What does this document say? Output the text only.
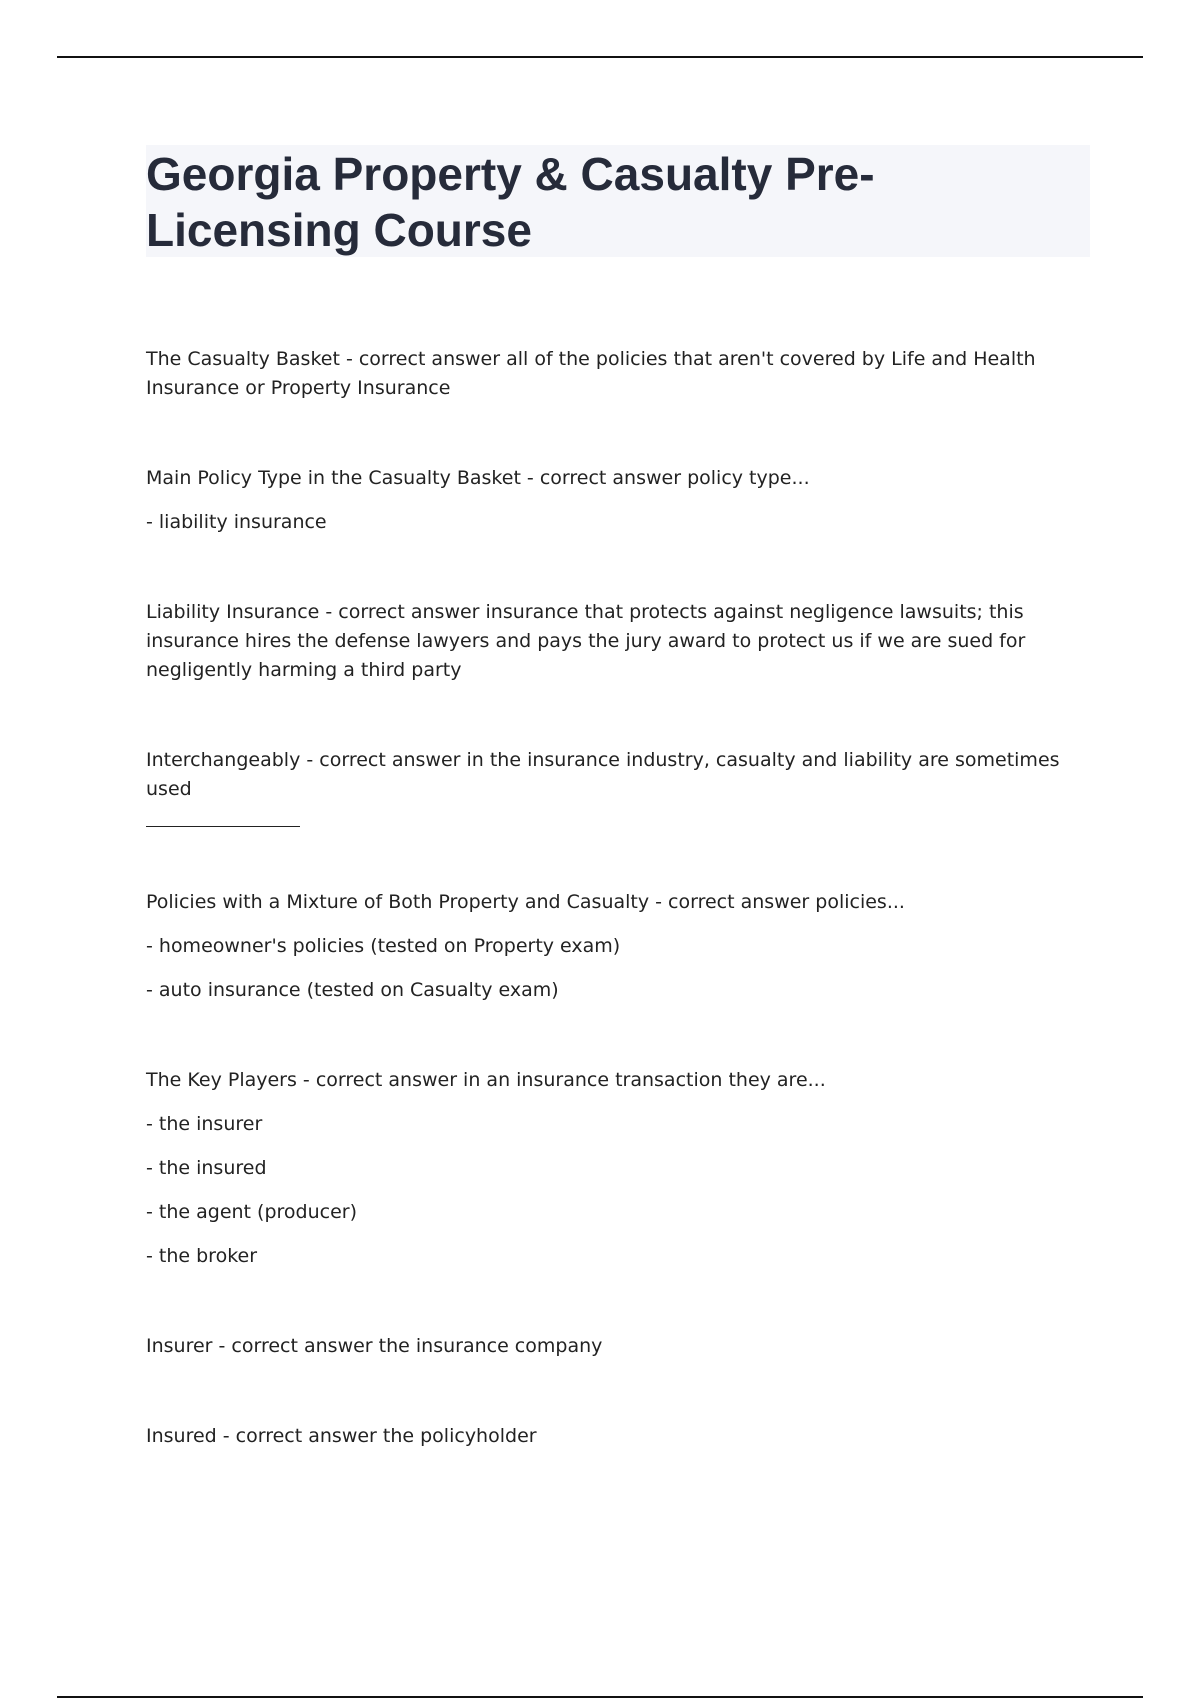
Georgia Property & Casualty Pre-Licensing Course

The Casualty Basket - correct answer all of the policies that aren't covered by Life and Health Insurance or Property Insurance

Main Policy Type in the Casualty Basket - correct answer policy type...

- liability insurance

Liability Insurance - correct answer insurance that protects against negligence lawsuits; this insurance hires the defense lawyers and pays the jury award to protect us if we are sued for negligently harming a third party

Interchangeably - correct answer in the insurance industry, casualty and liability are sometimes used

Policies with a Mixture of Both Property and Casualty - correct answer policies...

- homeowner's policies (tested on Property exam)

- auto insurance (tested on Casualty exam)

The Key Players - correct answer in an insurance transaction they are...

- the insurer

- the insured

- the agent (producer)

- the broker

Insurer - correct answer the insurance company

Insured - correct answer the policyholder
